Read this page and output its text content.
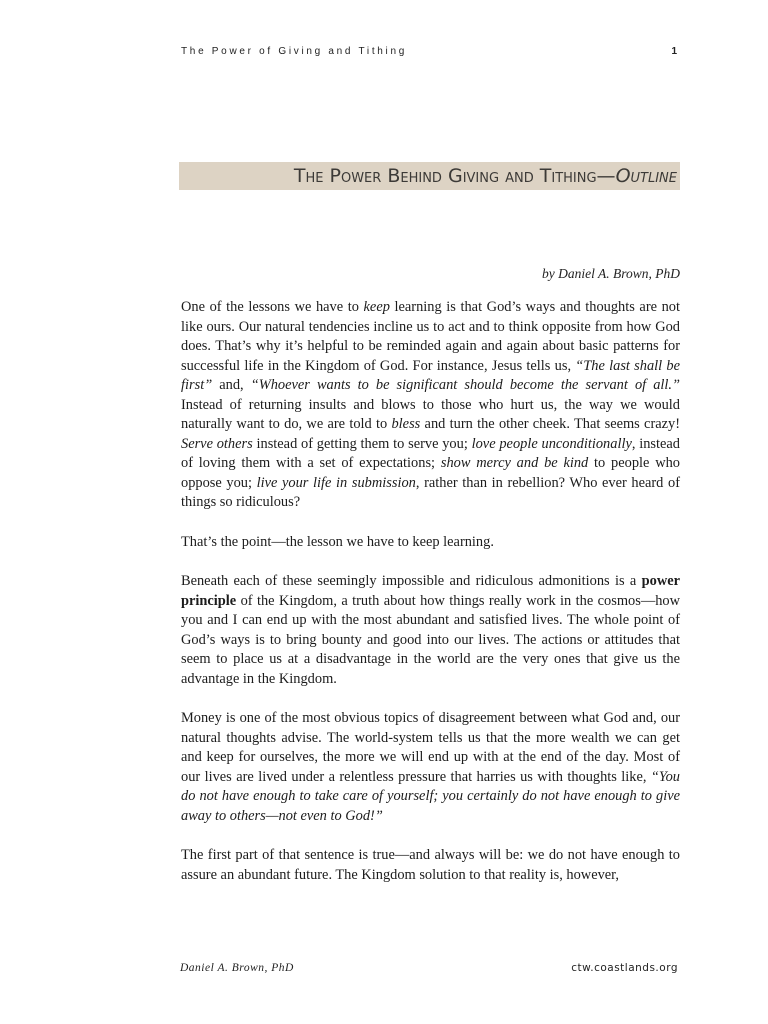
The Power of Giving and Tithing	1
The Power Behind Giving and Tithing—Outline
by Daniel A. Brown, PhD

One of the lessons we have to keep learning is that God’s ways and thoughts are not like ours. Our natural tendencies incline us to act and to think opposite from how God does. That’s why it’s helpful to be reminded again and again about basic patterns for successful life in the Kingdom of God. For instance, Jesus tells us, “The last shall be first” and, “Whoever wants to be significant should become the servant of all.” Instead of returning insults and blows to those who hurt us, the way we would naturally want to do, we are told to bless and turn the other cheek. That seems crazy! Serve others instead of getting them to serve you; love people unconditionally, instead of loving them with a set of expectations; show mercy and be kind to people who oppose you; live your life in submission, rather than in rebellion? Who ever heard of things so ridiculous?

That’s the point—the lesson we have to keep learning.

Beneath each of these seemingly impossible and ridiculous admonitions is a power principle of the Kingdom, a truth about how things really work in the cosmos—how you and I can end up with the most abundant and satisfied lives. The whole point of God’s ways is to bring bounty and good into our lives. The actions or attitudes that seem to place us at a disadvantage in the world are the very ones that give us the advantage in the Kingdom.

Money is one of the most obvious topics of disagreement between what God and, our natural thoughts advise. The world-system tells us that the more wealth we can get and keep for ourselves, the more we will end up with at the end of the day. Most of our lives are lived under a relentless pressure that harries us with thoughts like, “You do not have enough to take care of yourself; you certainly do not have enough to give away to others—not even to God!”

The first part of that sentence is true—and always will be: we do not have enough to assure an abundant future. The Kingdom solution to that reality is, however,

Daniel A. Brown, PhD	ctw.coastlands.org
